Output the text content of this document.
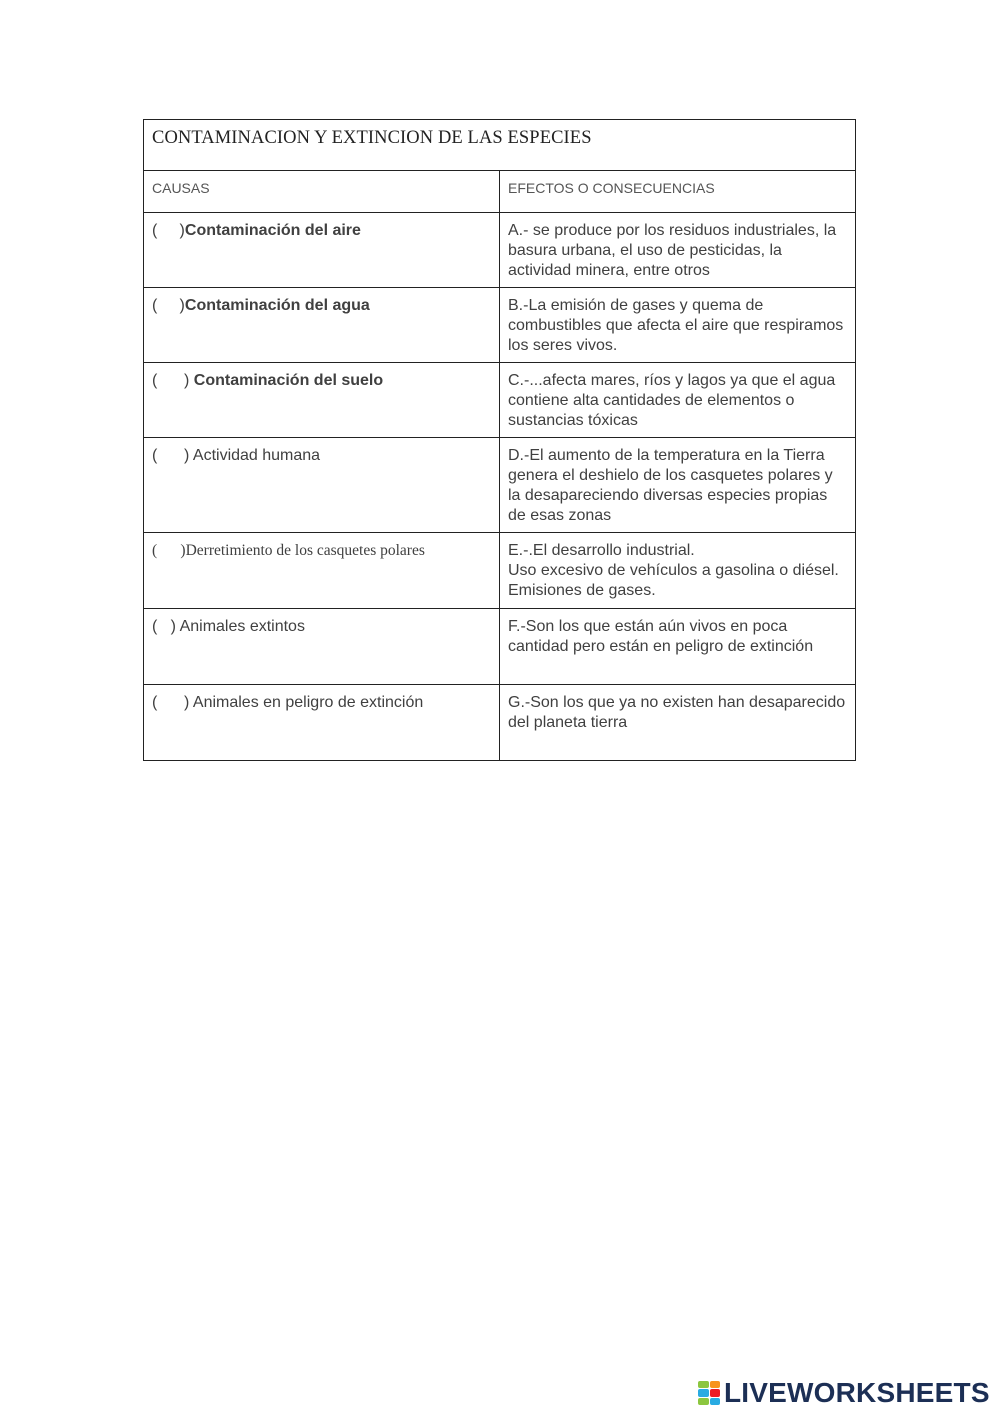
CONTAMINACION Y EXTINCION DE LAS ESPECIES	
CAUSAS	EFECTOS O CONSECUENCIAS
(     )Contaminación del aire	A.- se produce por los residuos industriales, la basura urbana, el uso de pesticidas, la actividad minera, entre otros
(     )Contaminación del agua	B.-La emisión de gases y quema de combustibles que afecta el aire que respiramos los seres vivos.
(      ) Contaminación del suelo	C.-...afecta mares, ríos y lagos ya que el agua contiene alta cantidades de elementos o sustancias tóxicas
(      ) Actividad humana	D.-El aumento de la temperatura en la Tierra genera el deshielo de los casquetes polares y la desapareciendo diversas especies propias de esas zonas
(      )Derretimiento de los casquetes polares	E.-.El desarrollo industrial.
Uso excesivo de vehículos a gasolina o diésel. Emisiones de gases.

(   ) Animales extintos	F.-Son los que están aún vivos en poca cantidad pero están en peligro de extinción
(      ) Animales en peligro de extinción	G.-Son los que ya no existen han desaparecido del planeta tierra
LIVEWORKSHEETS
